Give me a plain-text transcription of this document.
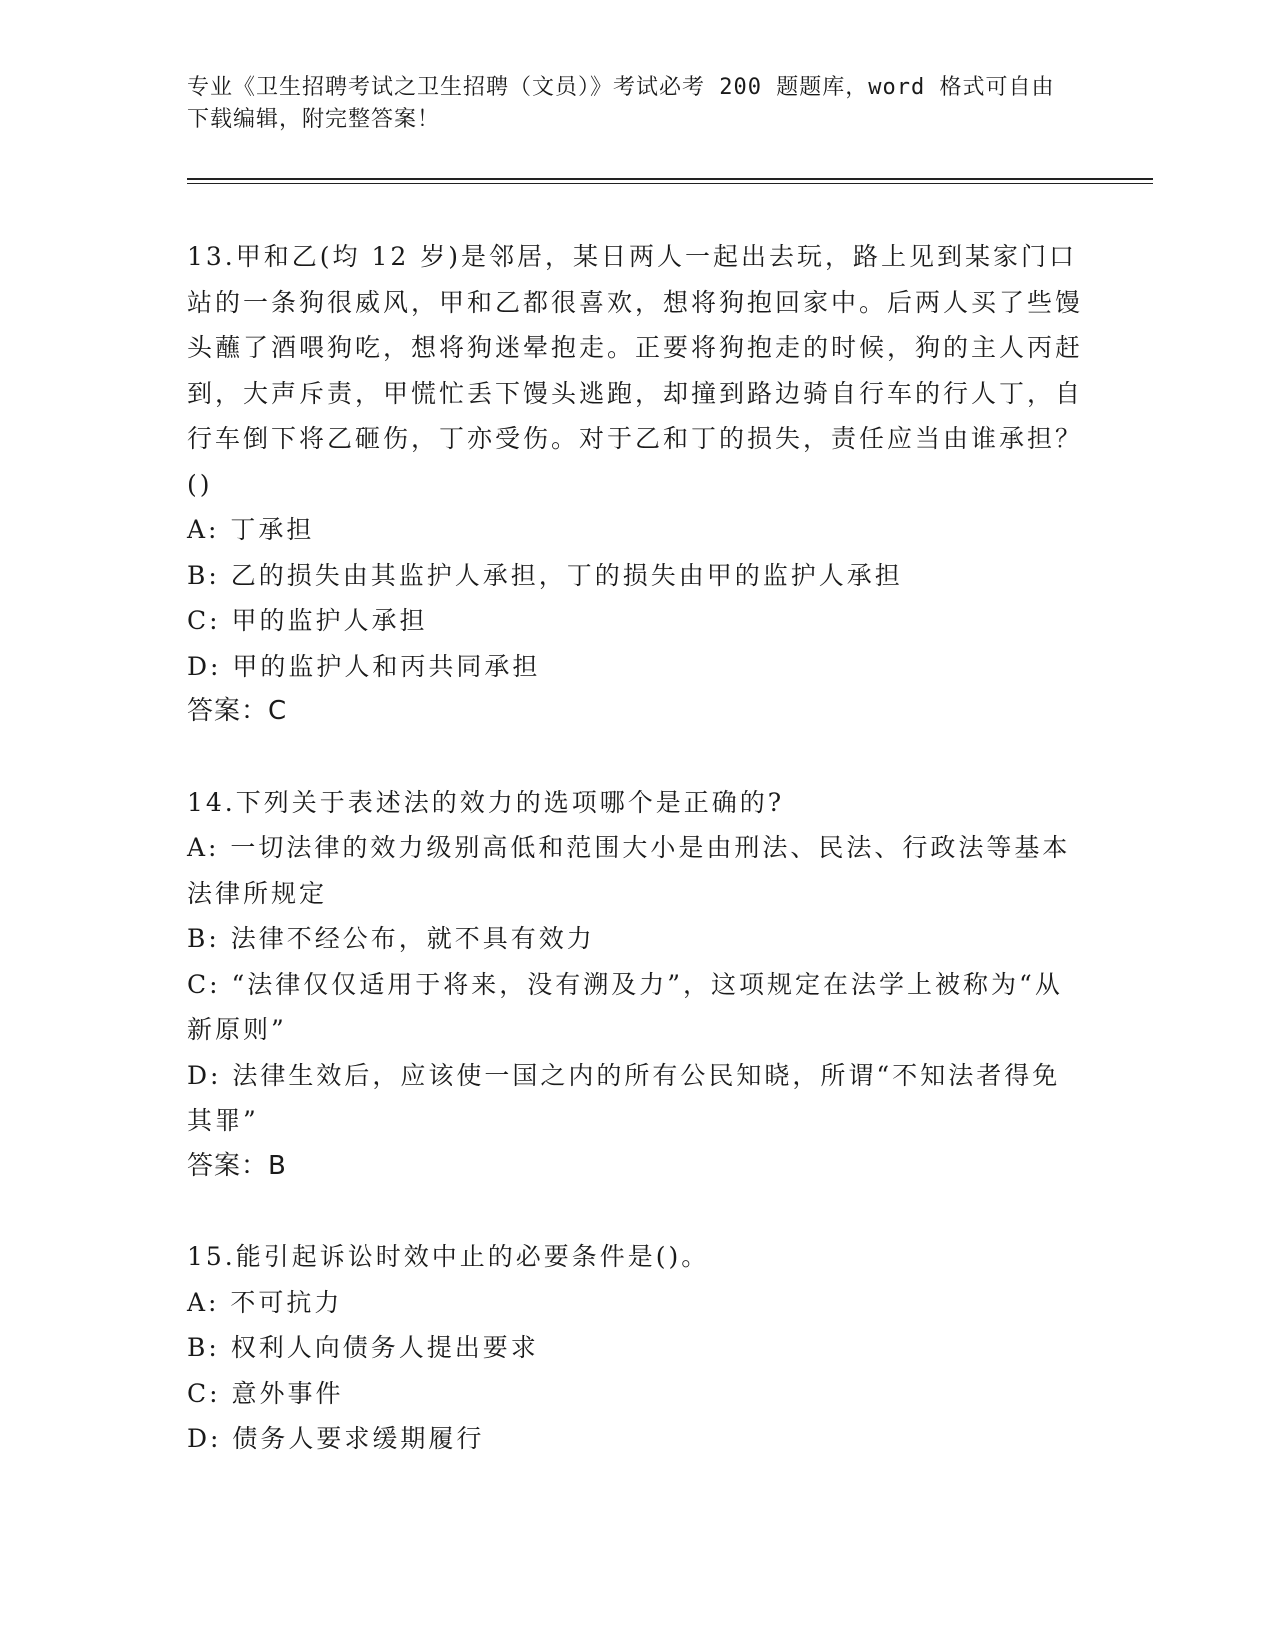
专业《卫生招聘考试之卫生招聘（文员）》考试必考 200 题题库，word 格式可自由下载编辑，附完整答案！
13.甲和乙(均 12 岁)是邻居，某日两人一起出去玩，路上见到某家门口站的一条狗很威风，甲和乙都很喜欢，想将狗抱回家中。后两人买了些馒头蘸了酒喂狗吃，想将狗迷晕抱走。正要将狗抱走的时候，狗的主人丙赶到，大声斥责，甲慌忙丢下馒头逃跑，却撞到路边骑自行车的行人丁，自行车倒下将乙砸伤，丁亦受伤。对于乙和丁的损失，责任应当由谁承担？()
A: 丁承担
B: 乙的损失由其监护人承担，丁的损失由甲的监护人承担
C: 甲的监护人承担
D: 甲的监护人和丙共同承担
答案：C
14.下列关于表述法的效力的选项哪个是正确的?
A: 一切法律的效力级别高低和范围大小是由刑法、民法、行政法等基本法律所规定
B: 法律不经公布，就不具有效力
C: “法律仅仅适用于将来，没有溯及力”，这项规定在法学上被称为“从新原则”
D: 法律生效后，应该使一国之内的所有公民知晓，所谓“不知法者得免其罪”
答案：B
15.能引起诉讼时效中止的必要条件是()。
A: 不可抗力
B: 权利人向债务人提出要求
C: 意外事件
D: 债务人要求缓期履行
